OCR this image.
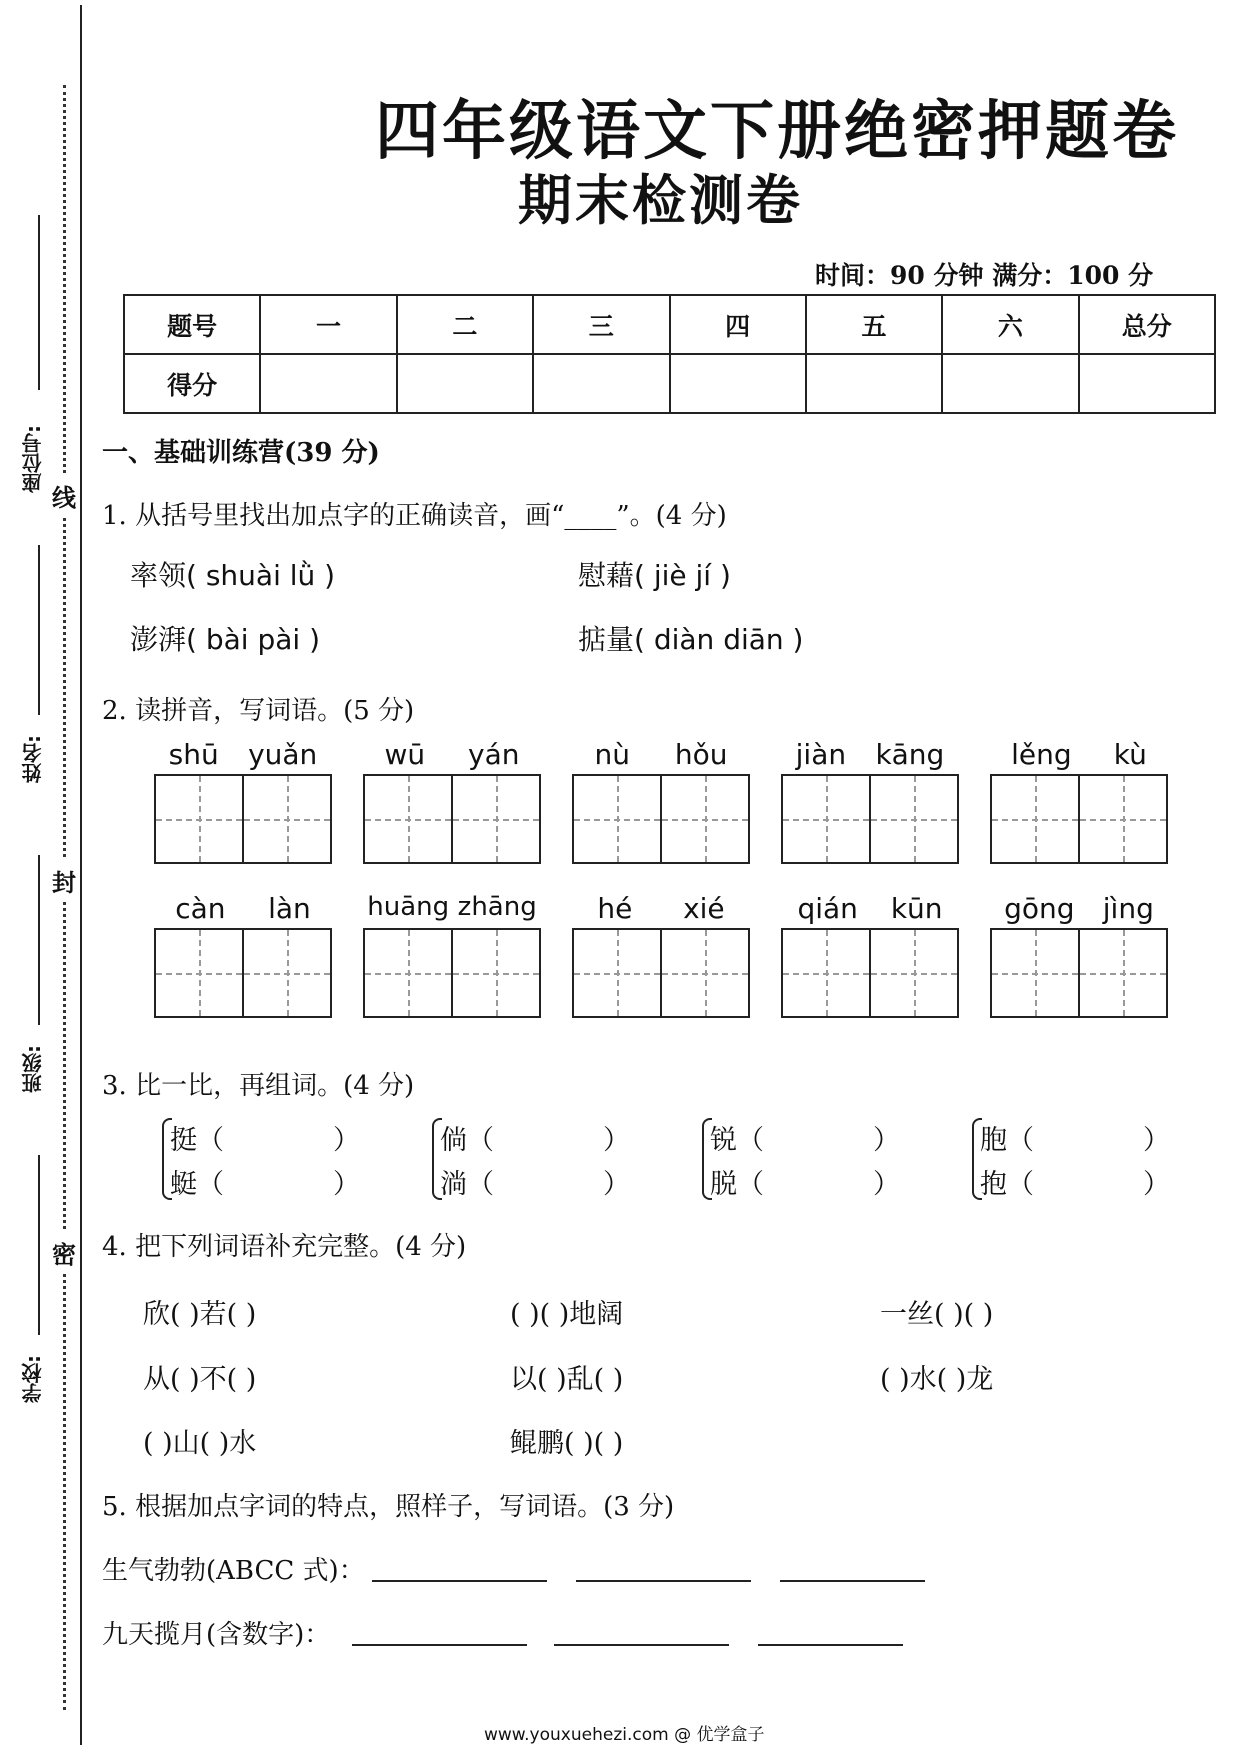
座位号:
姓名:
班级:
学校:
线
封
密
四年级语文下册绝密押题卷
期末检测卷
时间：90 分钟 满分：100 分
题号	一	二	三	四	五	六	总分
得分							
一、基础训练营(39 分)
1. 从括号里找出加点字的正确读音，画“____”。(4 分)
率领( shuài lǜ )	慰藉( jiè jí )
澎湃( bài pài )	掂量( diàn diān )
2. 读拼音，写词语。(5 分)
shū yuǎn wū yán	nù hǒu jiàn kāng lěng kù
càn làn huāng zhāng hé xié	qián kūn gōng jìng
3. 比一比，再组词。(4 分)
挺（	）
蜓（	）
倘（	）
淌（	）
锐（	）
脱（	）
胞（	）
抱（	）
4. 把下列词语补充完整。(4 分)
欣( )若( )	( )( )地阔	一丝( )( )
从( )不( )	以( )乱( )	( )水( )龙
( )山( )水	鲲鹏( )( )
5. 根据加点字词的特点，照样子，写词语。(3 分)
生气勃勃(ABCC 式)：
九天揽月(含数字)：
www.youxuehezi.com @ 优学盒子
